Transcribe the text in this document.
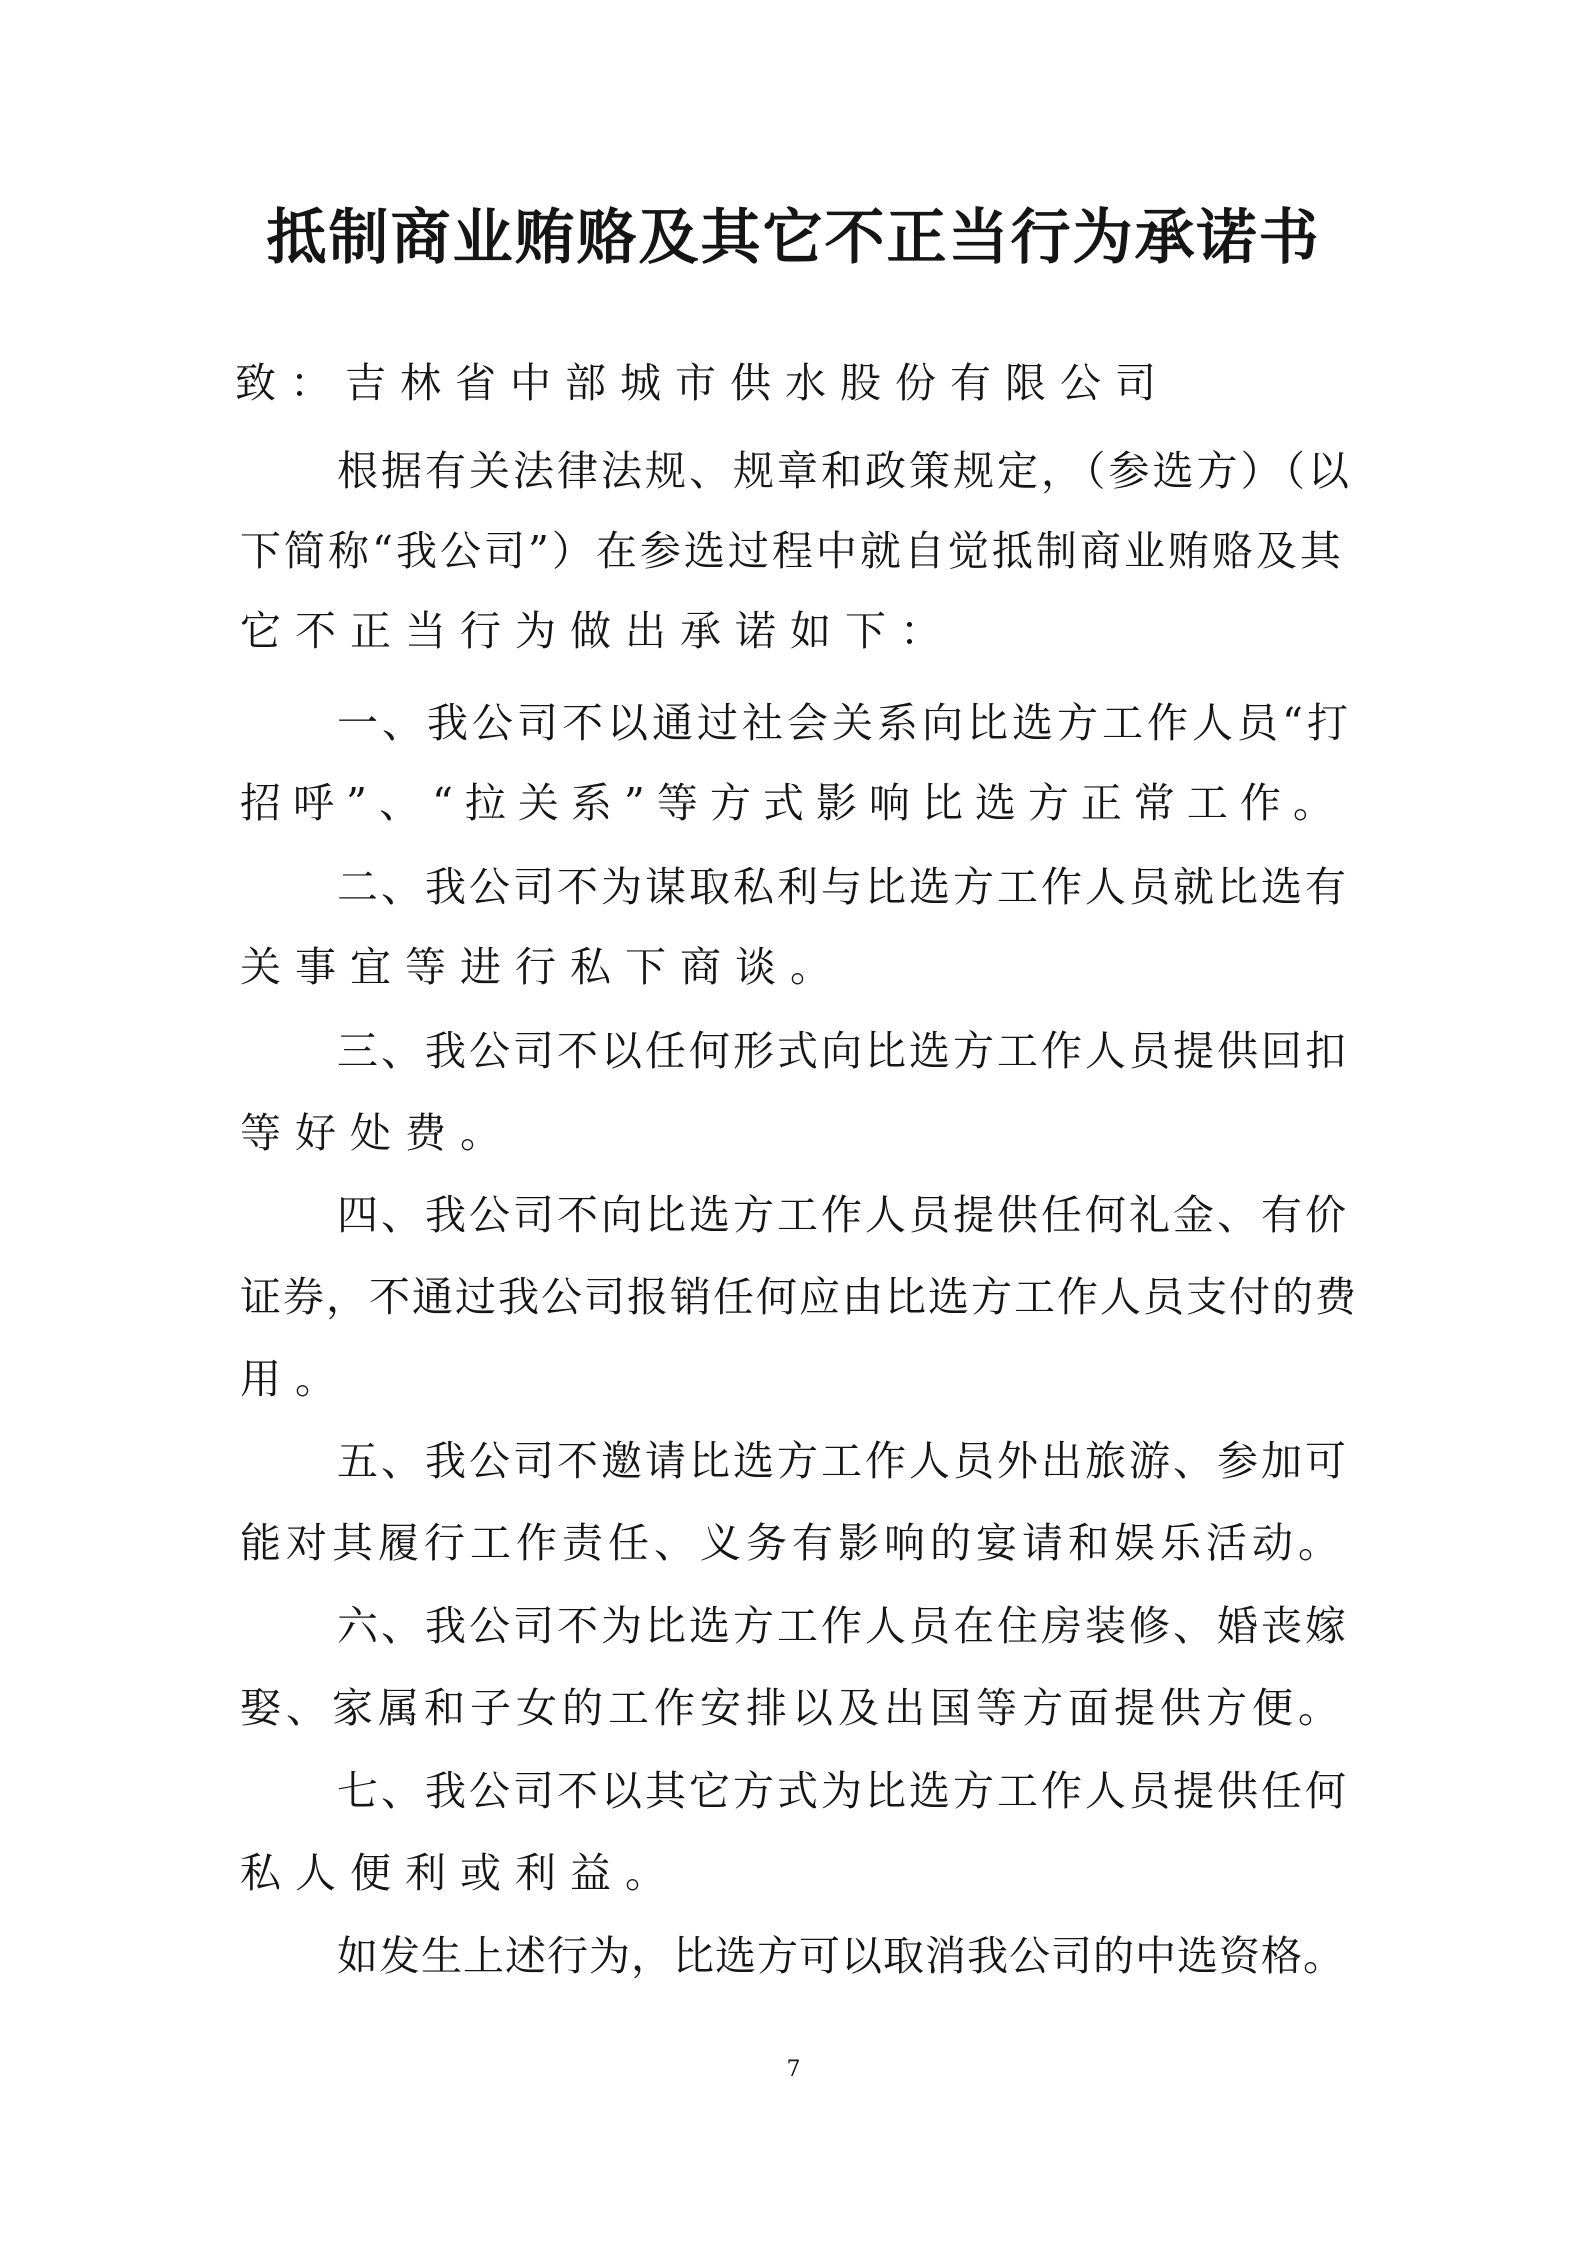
抵制商业贿赂及其它不正当行为承诺书
致：吉林省中部城市供水股份有限公司
根据有关法律法规、规章和政策规定，（参选方）（以
下简称“我公司”）在参选过程中就自觉抵制商业贿赂及其
它不正当行为做出承诺如下：
一、我公司不以通过社会关系向比选方工作人员“打
招呼”、“拉关系”等方式影响比选方正常工作。
二、我公司不为谋取私利与比选方工作人员就比选有
关事宜等进行私下商谈。
三、我公司不以任何形式向比选方工作人员提供回扣
等好处费。
四、我公司不向比选方工作人员提供任何礼金、有价
证券，不通过我公司报销任何应由比选方工作人员支付的费
用。
五、我公司不邀请比选方工作人员外出旅游、参加可
能对其履行工作责任、义务有影响的宴请和娱乐活动。
六、我公司不为比选方工作人员在住房装修、婚丧嫁
娶、家属和子女的工作安排以及出国等方面提供方便。
七、我公司不以其它方式为比选方工作人员提供任何
私人便利或利益。
如发生上述行为，比选方可以取消我公司的中选资格。
7
